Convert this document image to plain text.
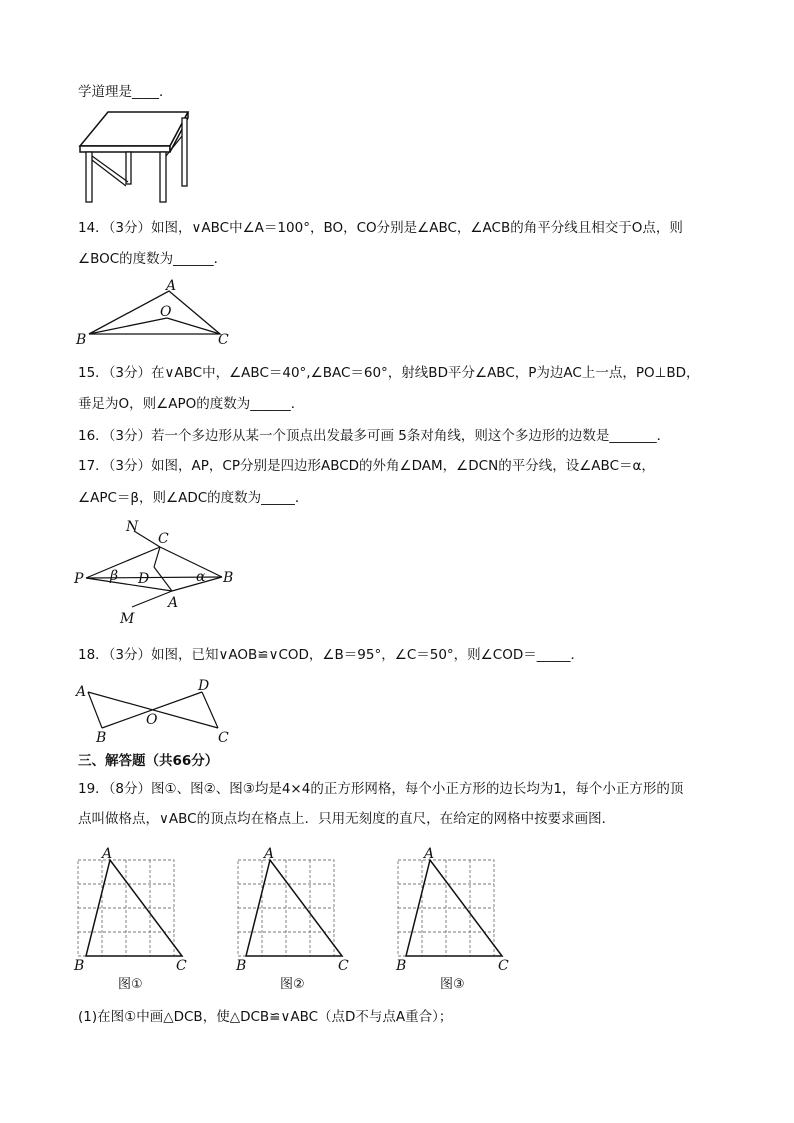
学道理是____．
14．（3分）如图，∨ABC中∠A＝100°，BO，CO分别是∠ABC，∠ACB的角平分线且相交于O点，则
∠BOC的度数为______．
A
O
B	C
15．（3分）在∨ABC中，∠ABC＝40°,∠BAC＝60°，射线BD平分∠ABC，P为边AC上一点，PO⊥BD，
垂足为O，则∠APO的度数为______．
16．（3分）若一个多边形从某一个顶点出发最多可画 5条对角线，则这个多边形的边数是_______．
17．（3分）如图，AP，CP分别是四边形ABCD的外角∠DAM，∠DCN的平分线，设∠ABC＝α，
∠APC＝β，则∠ADC的度数为_____．
N
C
P β D	α B
A
M
18．（3分）如图，已知∨AOB≌∨COD，∠B＝95°，∠C＝50°，则∠COD＝_____．
A	D
O
B	C
三、解答题（共66分）
19．（8分）图①、图②、图③均是4×4的正方形网格，每个小正方形的边长均为1，每个小正方形的顶
点叫做格点，∨ABC的顶点均在格点上．只用无刻度的直尺，在给定的网格中按要求画图．
A
B	C
图①
A
B	C
图②
A
B	C
图③
(1)在图①中画△DCB，使△DCB≌∨ABC（点D不与点A重合）；
